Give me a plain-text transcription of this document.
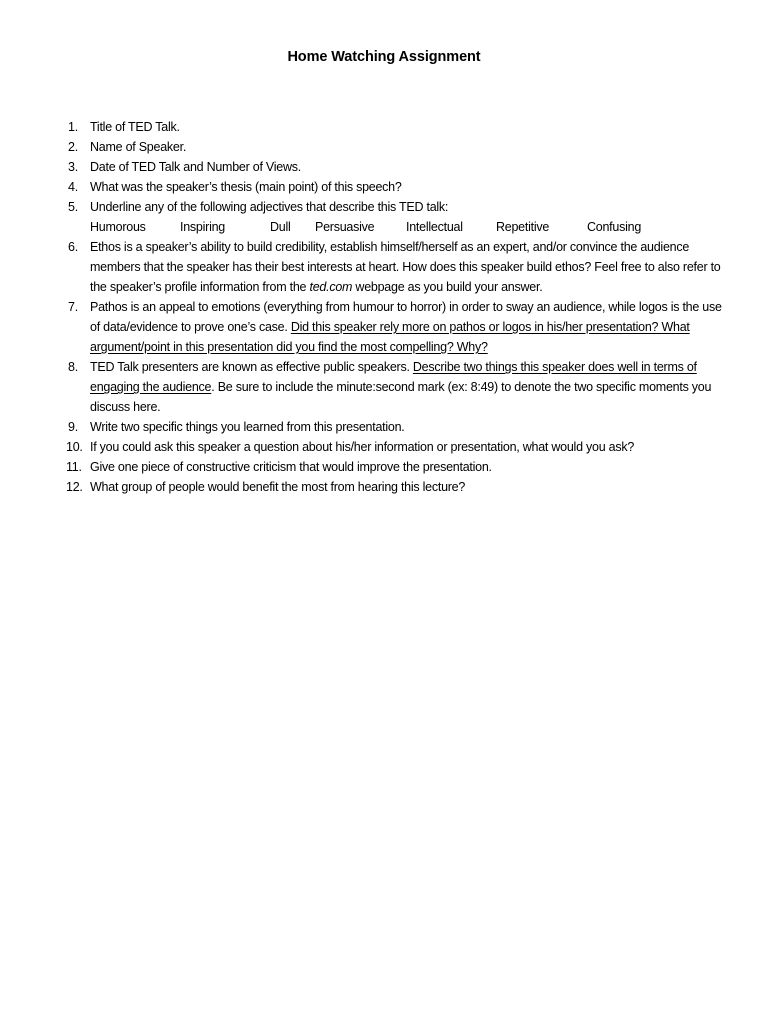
Home Watching Assignment
1. Title of TED Talk.
2. Name of Speaker.
3. Date of TED Talk and Number of Views.
4. What was the speaker’s thesis (main point) of this speech?
5. Underline any of the following adjectives that describe this TED talk:
Humorous	Inspiring	Dull Persuasive	Intellectual	Repetitive	Confusing
6. Ethos is a speaker’s ability to build credibility, establish himself/herself as an expert, and/or convince the audience members that the speaker has their best interests at heart. How does this speaker build ethos? Feel free to also refer to the speaker’s profile information from the ted.com webpage as you build your answer.
7. Pathos is an appeal to emotions (everything from humour to horror) in order to sway an audience, while logos is the use of data/evidence to prove one’s case. Did this speaker rely more on pathos or logos in his/her presentation? What argument/point in this presentation did you find the most compelling? Why?
8. TED Talk presenters are known as effective public speakers. Describe two things this speaker does well in terms of engaging the audience. Be sure to include the minute:second mark (ex: 8:49) to denote the two specific moments you discuss here.
9. Write two specific things you learned from this presentation.
10. If you could ask this speaker a question about his/her information or presentation, what would you ask?
11. Give one piece of constructive criticism that would improve the presentation.
12. What group of people would benefit the most from hearing this lecture?
